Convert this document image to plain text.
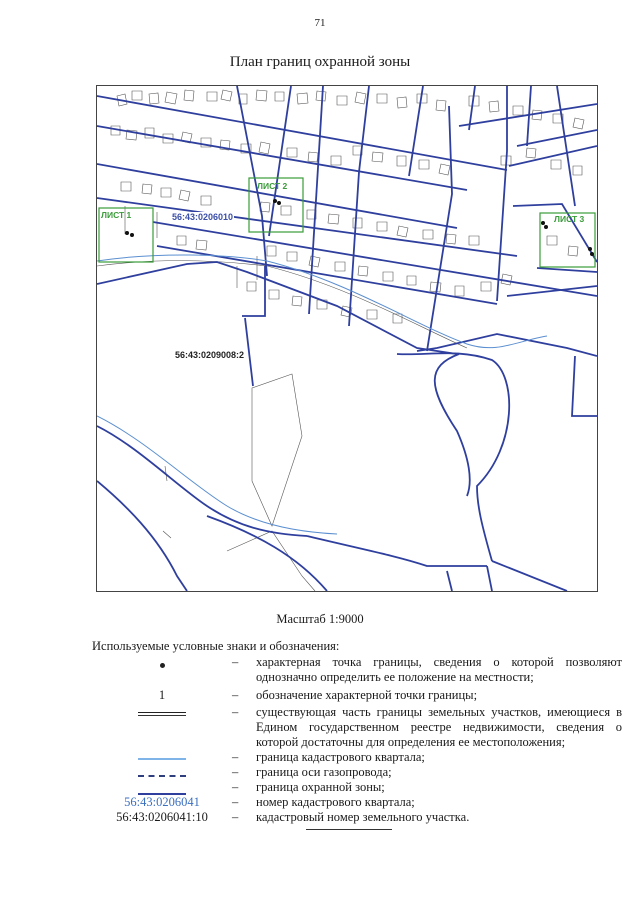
71
План границ охранной зоны
56:43:0206010
56:43:0209008:2
ЛИСТ 1
ЛИСТ 2
ЛИСТ 3
Масштаб 1:9000
Используемые условные знаки и обозначения:
–	характерная точка границы, сведения о которой позволяют однозначно определить ее положение на местности;
1	–	обозначение характерной точки границы;
–	существующая часть границы земельных участков, имеющиеся в Едином государственном реестре недвижимости, сведения о которой достаточны для определения ее местоположения;
–	граница кадастрового квартала;
–	граница оси газопровода;
–	граница охранной зоны;
56:43:0206041	–	номер кадастрового квартала;
56:43:0206041:10 –	кадастровый номер земельного участка.
